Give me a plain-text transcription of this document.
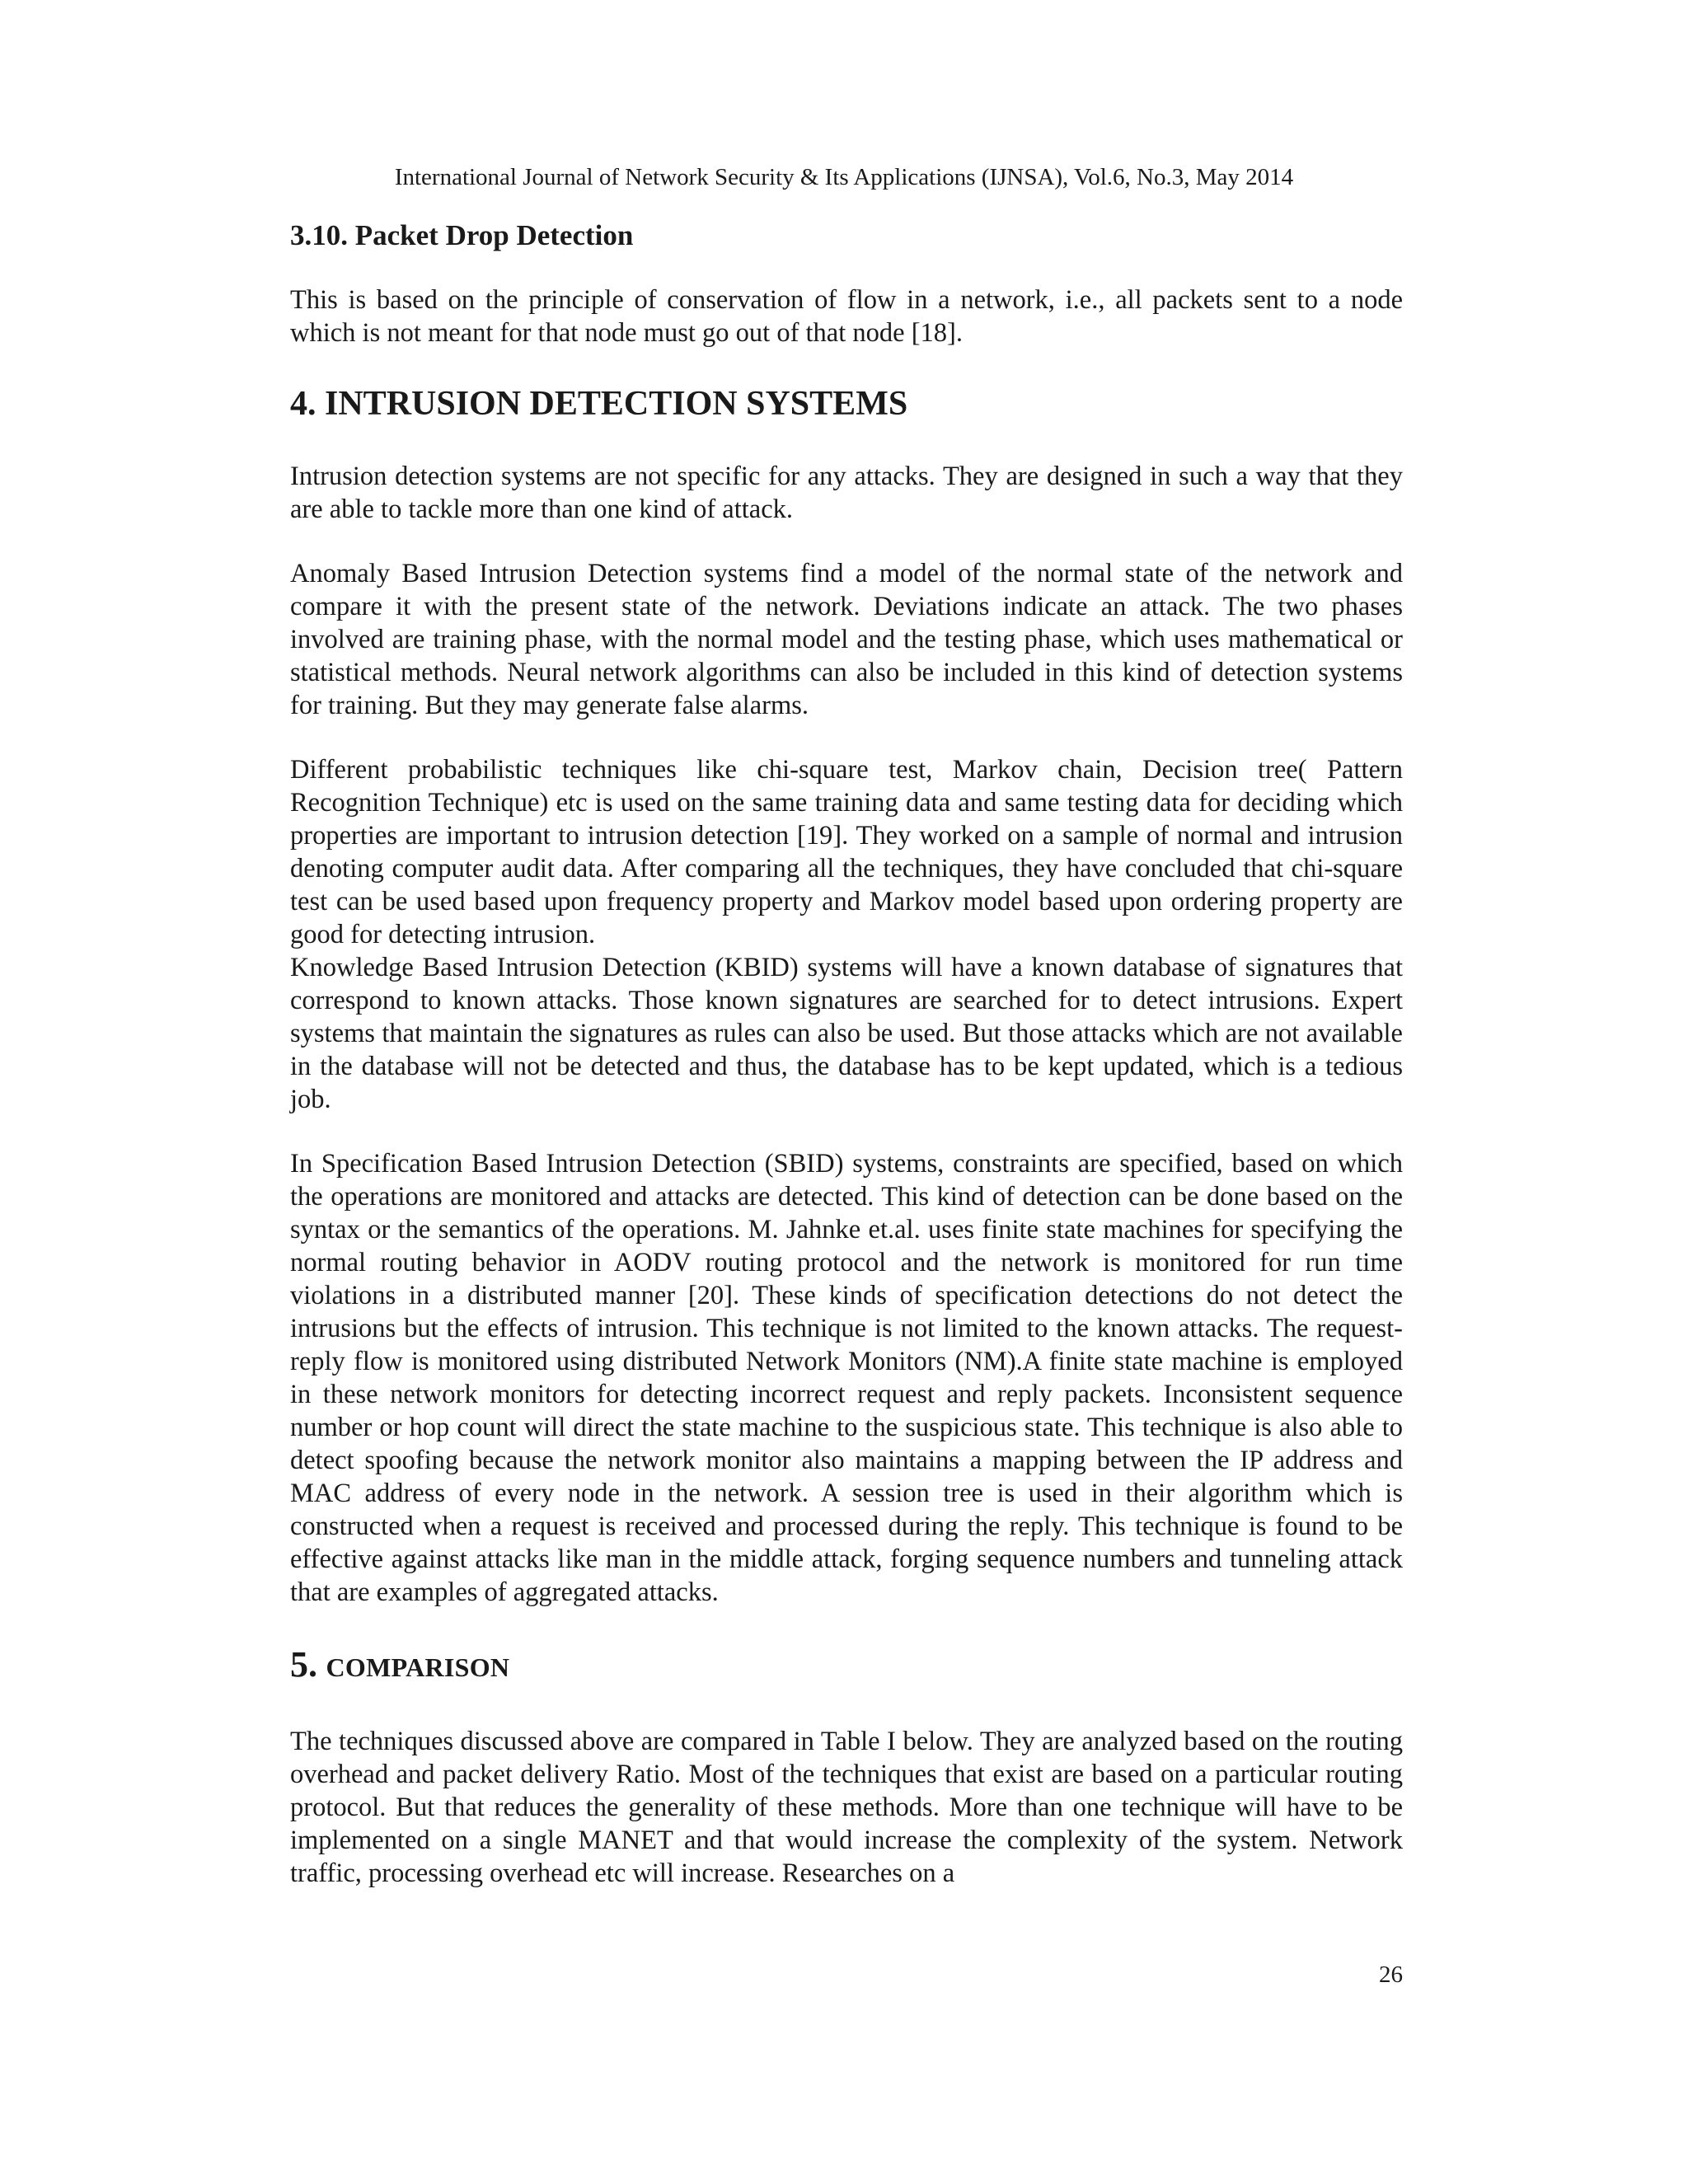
International Journal of Network Security & Its Applications (IJNSA), Vol.6, No.3, May 2014
3.10. Packet Drop Detection

This is based on the principle of conservation of flow in a network, i.e., all packets sent to a node which is not meant for that node must go out of that node [18].

4. INTRUSION DETECTION SYSTEMS

Intrusion detection systems are not specific for any attacks. They are designed in such a way that they are able to tackle more than one kind of attack.

Anomaly Based Intrusion Detection systems find a model of the normal state of the network and compare it with the present state of the network. Deviations indicate an attack. The two phases involved are training phase, with the normal model and the testing phase, which uses mathematical or statistical methods. Neural network algorithms can also be included in this kind of detection systems for training. But they may generate false alarms.

Different probabilistic techniques like chi-square test, Markov chain, Decision tree( Pattern Recognition Technique) etc is used on the same training data and same testing data for deciding which properties are important to intrusion detection [19]. They worked on a sample of normal and intrusion denoting computer audit data. After comparing all the techniques, they have concluded that chi-square test can be used based upon frequency property and Markov model based upon ordering property are good for detecting intrusion.

Knowledge Based Intrusion Detection (KBID) systems will have a known database of signatures that correspond to known attacks. Those known signatures are searched for to detect intrusions. Expert systems that maintain the signatures as rules can also be used. But those attacks which are not available in the database will not be detected and thus, the database has to be kept updated, which is a tedious job.

In Specification Based Intrusion Detection (SBID) systems, constraints are specified, based on which the operations are monitored and attacks are detected. This kind of detection can be done based on the syntax or the semantics of the operations. M. Jahnke et.al. uses finite state machines for specifying the normal routing behavior in AODV routing protocol and the network is monitored for run time violations in a distributed manner [20]. These kinds of specification detections do not detect the intrusions but the effects of intrusion. This technique is not limited to the known attacks. The request-reply flow is monitored using distributed Network Monitors (NM).A finite state machine is employed in these network monitors for detecting incorrect request and reply packets. Inconsistent sequence number or hop count will direct the state machine to the suspicious state. This technique is also able to detect spoofing because the network monitor also maintains a mapping between the IP address and MAC address of every node in the network. A session tree is used in their algorithm which is constructed when a request is received and processed during the reply. This technique is found to be effective against attacks like man in the middle attack, forging sequence numbers and tunneling attack that are examples of aggregated attacks.

5. COMPARISON

The techniques discussed above are compared in Table I below. They are analyzed based on the routing overhead and packet delivery Ratio. Most of the techniques that exist are based on a particular routing protocol. But that reduces the generality of these methods. More than one technique will have to be implemented on a single MANET and that would increase the complexity of the system. Network traffic, processing overhead etc will increase. Researches on a

26
